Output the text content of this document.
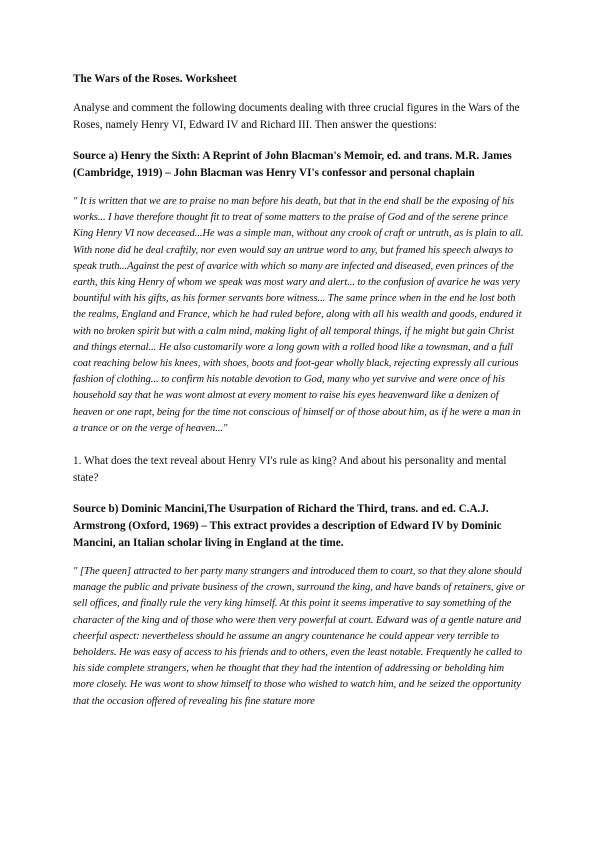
The Wars of the Roses. Worksheet
Analyse and comment the following documents dealing with three crucial figures in the Wars of the Roses, namely Henry VI, Edward IV and Richard III. Then answer the questions:
Source a) Henry the Sixth: A Reprint of John Blacman's Memoir, ed. and trans. M.R. James (Cambridge, 1919) – John Blacman was Henry VI's confessor and personal chaplain
" It is written that we are to praise no man before his death, but that in the end shall be the exposing of his works... I have therefore thought fit to treat of some matters to the praise of God and of the serene prince King Henry VI now deceased...He was a simple man, without any crook of craft or untruth, as is plain to all. With none did he deal craftily, nor even would say an untrue word to any, but framed his speech always to speak truth...Against the pest of avarice with which so many are infected and diseased, even princes of the earth, this king Henry of whom we speak was most wary and alert... to the confusion of avarice he was very bountiful with his gifts, as his former servants bore witness... The same prince when in the end he lost both the realms, England and France, which he had ruled before, along with all his wealth and goods, endured it with no broken spirit but with a calm mind, making light of all temporal things, if he might but gain Christ and things eternal... He also customarily wore a long gown with a rolled hood like a townsman, and a full coat reaching below his knees, with shoes, boots and foot-gear wholly black, rejecting expressly all curious fashion of clothing... to confirm his notable devotion to God, many who yet survive and were once of his household say that he was wont almost at every moment to raise his eyes heavenward like a denizen of heaven or one rapt, being for the time not conscious of himself or of those about him, as if he were a man in a trance or on the verge of heaven..."
1. What does the text reveal about Henry VI's rule as king? And about his personality and mental state?
Source b) Dominic Mancini,The Usurpation of Richard the Third, trans. and ed. C.A.J. Armstrong (Oxford, 1969) – This extract provides a description of Edward IV by Dominic Mancini, an Italian scholar living in England at the time.
" [The queen] attracted to her party many strangers and introduced them to court, so that they alone should manage the public and private business of the crown, surround the king, and have bands of retainers, give or sell offices, and finally rule the very king himself. At this point it seems imperative to say something of the character of the king and of those who were then very powerful at court. Edward was of a gentle nature and cheerful aspect: nevertheless should he assume an angry countenance he could appear very terrible to beholders. He was easy of access to his friends and to others, even the least notable. Frequently he called to his side complete strangers, when he thought that they had the intention of addressing or beholding him more closely. He was wont to show himself to those who wished to watch him, and he seized the opportunity that the occasion offered of revealing his fine stature more
